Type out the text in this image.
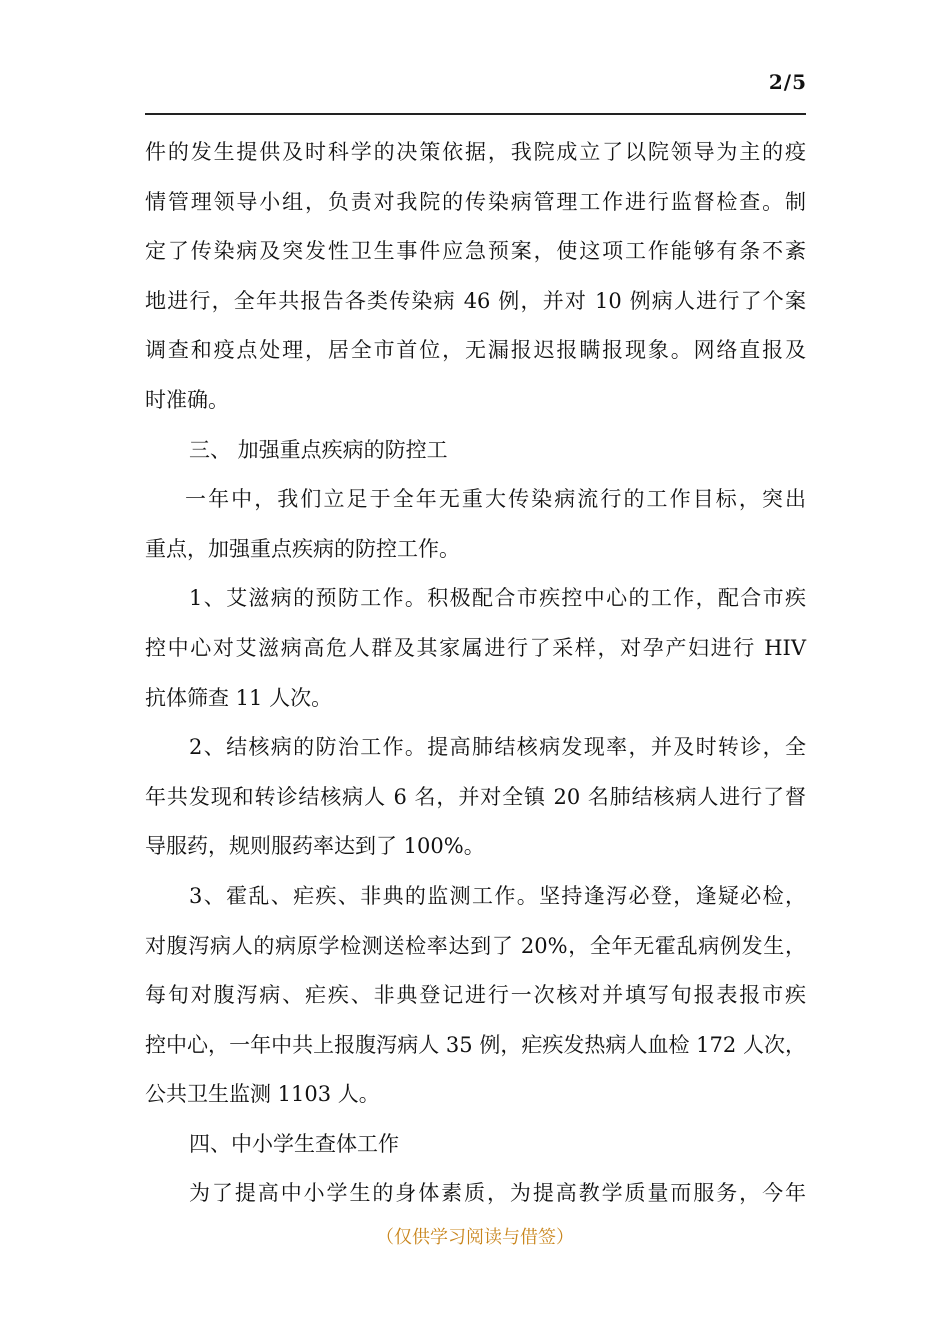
2/5
件的发生提供及时科学的决策依据，我院成立了以院领导为主的疫
情管理领导小组，负责对我院的传染病管理工作进行监督检查。制
定了传染病及突发性卫生事件应急预案，使这项工作能够有条不紊
地进行，全年共报告各类传染病 46 例，并对 10 例病人进行了个案
调查和疫点处理，居全市首位，无漏报迟报瞒报现象。网络直报及
时准确。
三、 加强重点疾病的防控工
一年中，我们立足于全年无重大传染病流行的工作目标，突出
重点，加强重点疾病的防控工作。
1、艾滋病的预防工作。积极配合市疾控中心的工作，配合市疾
控中心对艾滋病高危人群及其家属进行了采样，对孕产妇进行 HIV
抗体筛查 11 人次。
2、结核病的防治工作。提高肺结核病发现率，并及时转诊，全
年共发现和转诊结核病人 6 名，并对全镇 20 名肺结核病人进行了督
导服药，规则服药率达到了 100%。
3、霍乱、疟疾、非典的监测工作。坚持逢泻必登，逢疑必检，
对腹泻病人的病原学检测送检率达到了 20%，全年无霍乱病例发生，
每旬对腹泻病、疟疾、非典登记进行一次核对并填写旬报表报市疾
控中心，一年中共上报腹泻病人 35 例，疟疾发热病人血检 172 人次，
公共卫生监测 1103 人。
四、中小学生查体工作
为了提高中小学生的身体素质，为提高教学质量而服务，今年
（仅供学习阅读与借签）
